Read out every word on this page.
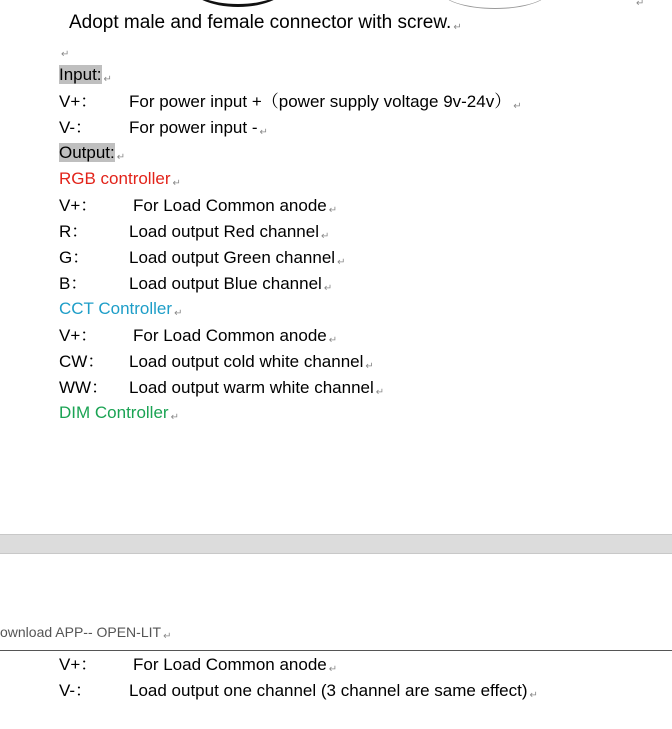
↵
Adopt male and female connector with screw. ↵
↵
Input: ↵
V+： For power input +（power supply voltage 9v-24v） ↵
V-： For power input - ↵
Output: ↵
RGB controller ↵
V+： For Load Common anode ↵
R： Load output Red channel ↵
G： Load output Green channel ↵
B： Load output Blue channel ↵
CCT Controller ↵
V+： For Load Common anode ↵
CW： Load output cold white channel ↵
WW： Load output warm white channel ↵
DIM Controller ↵
ownload APP-- OPEN-LIT ↵
V+： For Load Common anode ↵
V-： Load output one channel (3 channel are same effect) ↵
